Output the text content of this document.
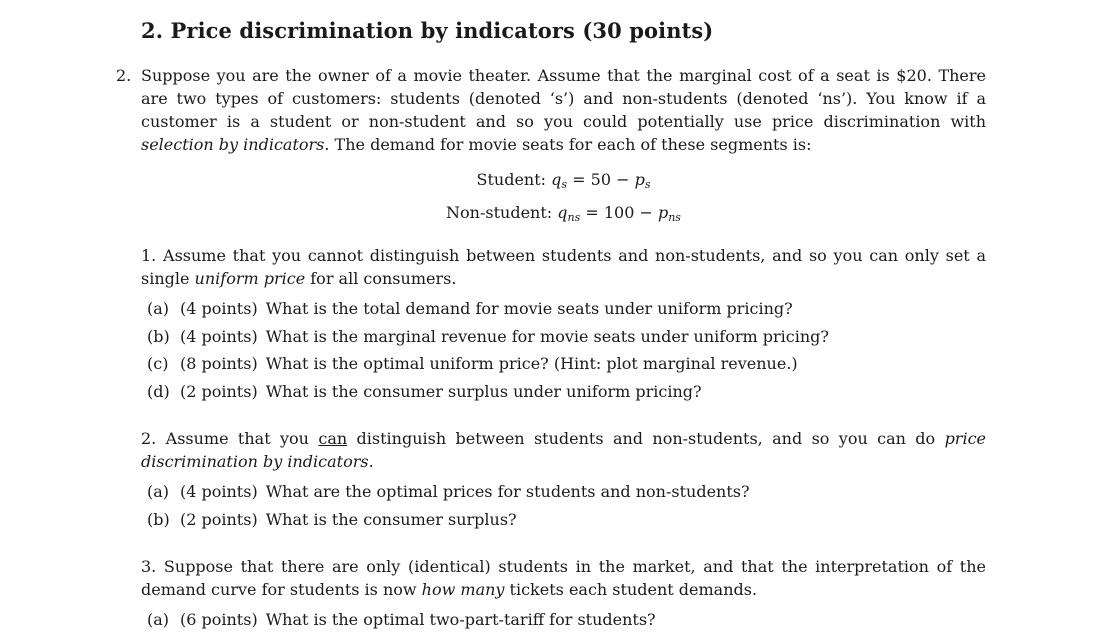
2. Price discrimination by indicators (30 points)
2. Suppose you are the owner of a movie theater. Assume that the marginal cost of a seat is $20. There are two types of customers: students (denoted ‘s’) and non-students (denoted ‘ns’). You know if a customer is a student or non-student and so you could potentially use price discrimination with selection by indicators. The demand for movie seats for each of these segments is:
Student: qs = 50 − ps
Non-student: qns = 100 − pns
1. Assume that you cannot distinguish between students and non-students, and so you can only set a single uniform price for all consumers.
(a) (4 points) What is the total demand for movie seats under uniform pricing?
(b) (4 points) What is the marginal revenue for movie seats under uniform pricing?
(c) (8 points) What is the optimal uniform price? (Hint: plot marginal revenue.)
(d) (2 points) What is the consumer surplus under uniform pricing?
2. Assume that you can distinguish between students and non-students, and so you can do price discrimination by indicators.
(a) (4 points) What are the optimal prices for students and non-students?
(b) (2 points) What is the consumer surplus?
3. Suppose that there are only (identical) students in the market, and that the interpretation of the demand curve for students is now how many tickets each student demands.
(a) (6 points) What is the optimal two-part-tariff for students?
